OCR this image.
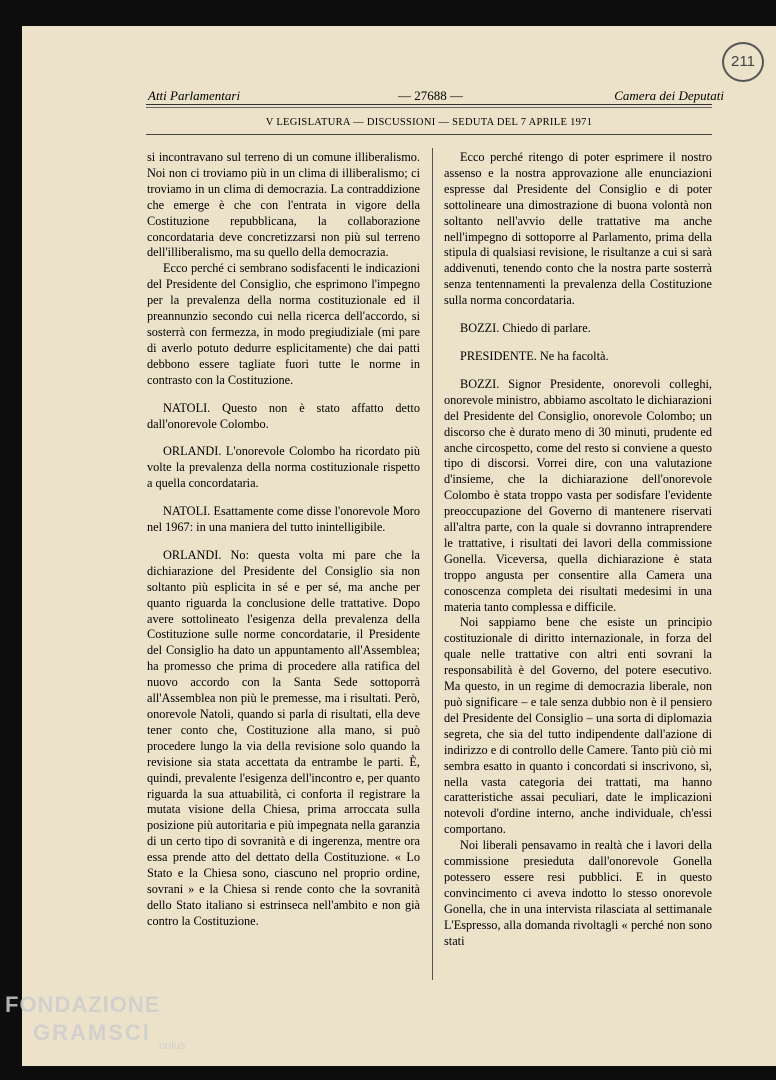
211
Atti Parlamentari	— 27688 —	Camera dei Deputati
V LEGISLATURA — DISCUSSIONI — SEDUTA DEL 7 APRILE 1971

si incontravano sul terreno di un comune illiberalismo. Noi non ci troviamo più in un clima di illiberalismo; ci troviamo in un clima di democrazia. La contraddizione che emerge è che con l'entrata in vigore della Costituzione repubblicana, la collaborazione concordataria deve concretizzarsi non più sul terreno dell'illiberalismo, ma su quello della democrazia.

Ecco perché ci sembrano sodisfacenti le indicazioni del Presidente del Consiglio, che esprimono l'impegno per la prevalenza della norma costituzionale ed il preannunzio secondo cui nella ricerca dell'accordo, si sosterrà con fermezza, in modo pregiudiziale (mi pare di averlo potuto dedurre esplicitamente) che dai patti debbono essere tagliate fuori tutte le norme in contrasto con la Costituzione.

NATOLI. Questo non è stato affatto detto dall'onorevole Colombo.

ORLANDI. L'onorevole Colombo ha ricordato più volte la prevalenza della norma costituzionale rispetto a quella concordataria.

NATOLI. Esattamente come disse l'onorevole Moro nel 1967: in una maniera del tutto inintelligibile.

ORLANDI. No: questa volta mi pare che la dichiarazione del Presidente del Consiglio sia non soltanto più esplicita in sé e per sé, ma anche per quanto riguarda la conclusione delle trattative. Dopo avere sottolineato l'esigenza della prevalenza della Costituzione sulle norme concordatarie, il Presidente del Consiglio ha dato un appuntamento all'Assemblea; ha promesso che prima di procedere alla ratifica del nuovo accordo con la Santa Sede sottoporrà all'Assemblea non più le premesse, ma i risultati. Però, onorevole Natoli, quando si parla di risultati, ella deve tener conto che, Costituzione alla mano, si può procedere lungo la via della revisione solo quando la revisione sia stata accettata da entrambe le parti. È, quindi, prevalente l'esigenza dell'incontro e, per quanto riguarda la sua attuabilità, ci conforta il registrare la mutata visione della Chiesa, prima arroccata sulla posizione più autoritaria e più impegnata nella garanzia di un certo tipo di sovranità e di ingerenza, mentre ora essa prende atto del dettato della Costituzione. « Lo Stato e la Chiesa sono, ciascuno nel proprio ordine, sovrani » e la Chiesa si rende conto che la sovranità dello Stato italiano si estrinseca nell'ambito e non già contro la Costituzione.

Ecco perché ritengo di poter esprimere il nostro assenso e la nostra approvazione alle enunciazioni espresse dal Presidente del Consiglio e di poter sottolineare una dimostrazione di buona volontà non soltanto nell'avvio delle trattative ma anche nell'impegno di sottoporre al Parlamento, prima della stipula di qualsiasi revisione, le risultanze a cui si sarà addivenuti, tenendo conto che la nostra parte sosterrà senza tentennamenti la prevalenza della Costituzione sulla norma concordataria.

BOZZI. Chiedo di parlare.

PRESIDENTE. Ne ha facoltà.

BOZZI. Signor Presidente, onorevoli colleghi, onorevole ministro, abbiamo ascoltato le dichiarazioni del Presidente del Consiglio, onorevole Colombo; un discorso che è durato meno di 30 minuti, prudente ed anche circospetto, come del resto si conviene a questo tipo di discorsi. Vorrei dire, con una valutazione d'insieme, che la dichiarazione dell'onorevole Colombo è stata troppo vasta per sodisfare l'evidente preoccupazione del Governo di mantenere riservati all'altra parte, con la quale si dovranno intraprendere le trattative, i risultati dei lavori della commissione Gonella. Viceversa, quella dichiarazione è stata troppo angusta per consentire alla Camera una conoscenza completa dei risultati medesimi in una materia tanto complessa e difficile.

Noi sappiamo bene che esiste un principio costituzionale di diritto internazionale, in forza del quale nelle trattative con altri enti sovrani la responsabilità è del Governo, del potere esecutivo. Ma questo, in un regime di democrazia liberale, non può significare – e tale senza dubbio non è il pensiero del Presidente del Consiglio – una sorta di diplomazia segreta, che sia del tutto indipendente dall'azione di indirizzo e di controllo delle Camere. Tanto più ciò mi sembra esatto in quanto i concordati si inscrivono, sì, nella vasta categoria dei trattati, ma hanno caratteristiche assai peculiari, date le implicazioni notevoli d'ordine interno, anche individuale, ch'essi comportano.

Noi liberali pensavamo in realtà che i lavori della commissione presieduta dall'onorevole Gonella potessero essere resi pubblici. E in questo convincimento ci aveva indotto lo stesso onorevole Gonella, che in una intervista rilasciata al settimanale L'Espresso, alla domanda rivoltagli « perché non sono stati

FONDAZIONE
GRAMSCI
onlus
